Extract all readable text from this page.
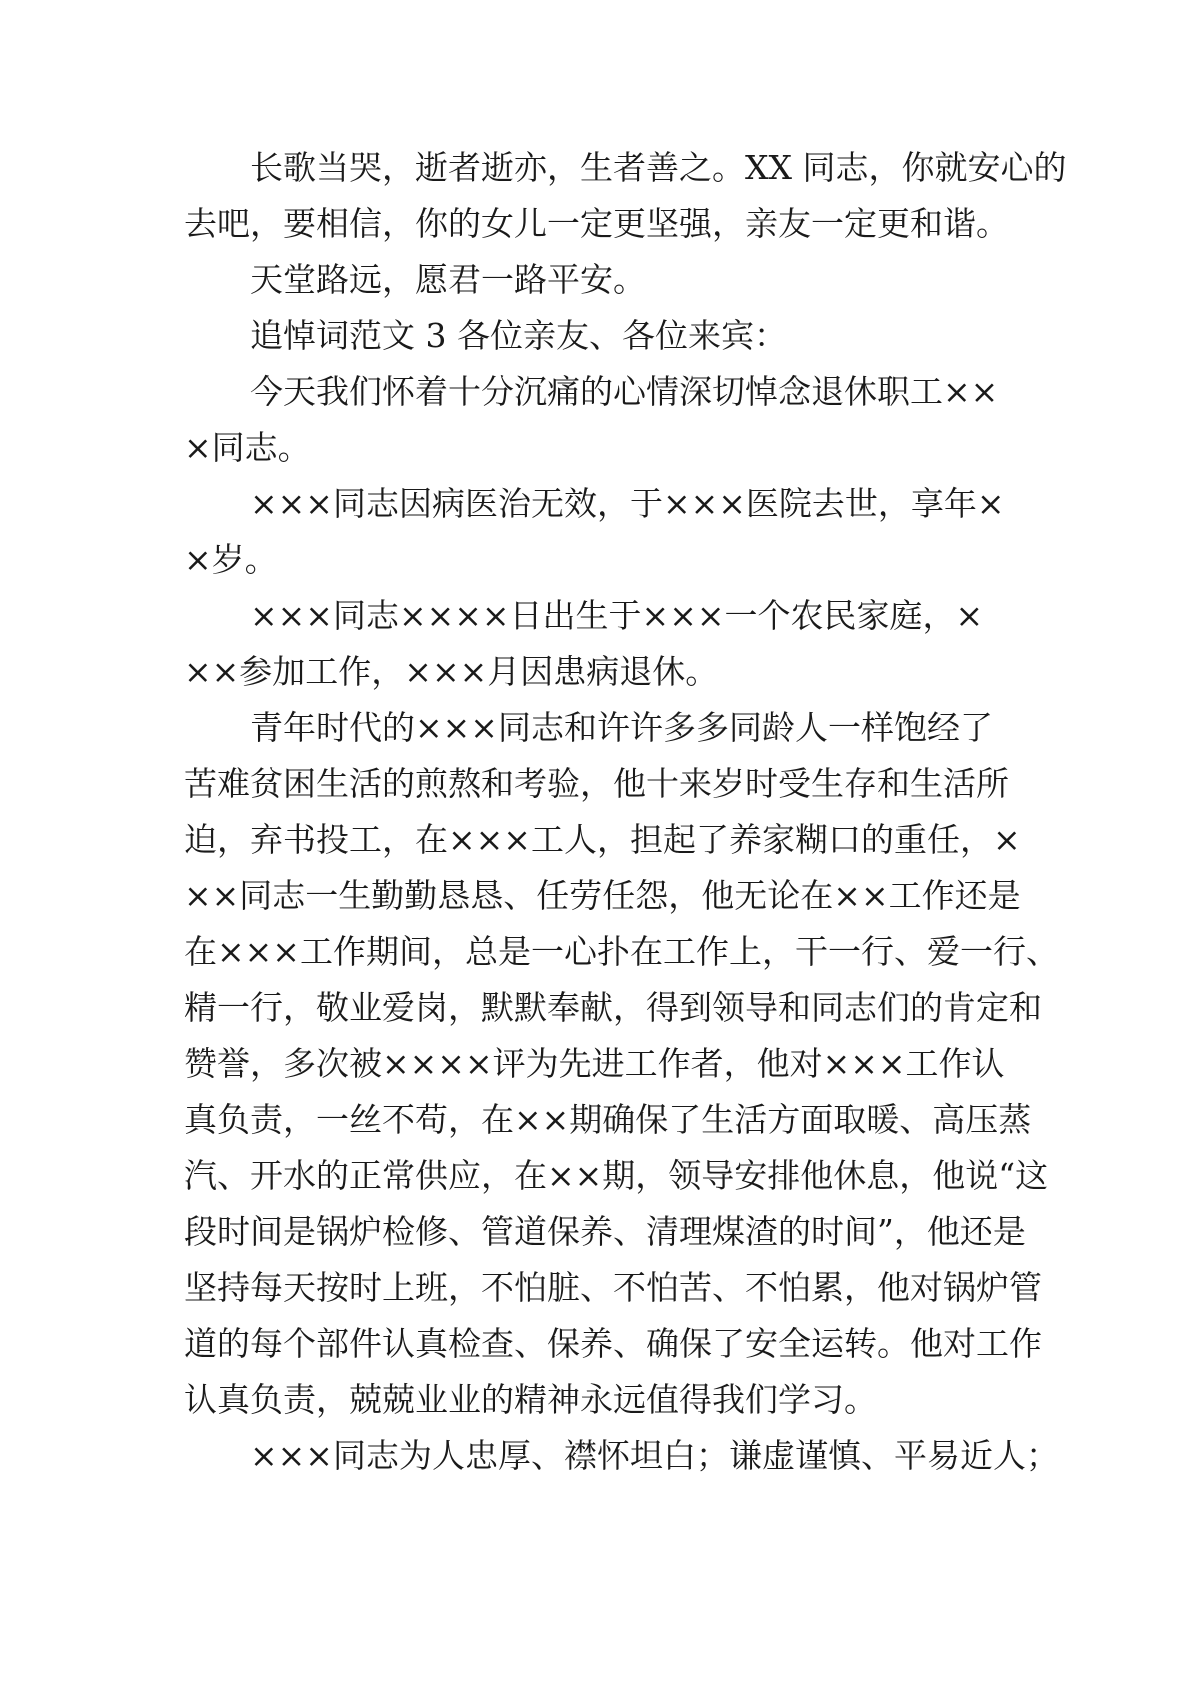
长歌当哭，逝者逝亦，生者善之。XX 同志，你就安心的
去吧，要相信，你的女儿一定更坚强，亲友一定更和谐。
天堂路远，愿君一路平安。
追悼词范文 3 各位亲友、各位来宾：
今天我们怀着十分沉痛的心情深切悼念退休职工××
×同志。
×××同志因病医治无效，于×××医院去世，享年×
×岁。
×××同志××××日出生于×××一个农民家庭，×
××参加工作，×××月因患病退休。
青年时代的×××同志和许许多多同龄人一样饱经了
苦难贫困生活的煎熬和考验，他十来岁时受生存和生活所
迫，弃书投工，在×××工人，担起了养家糊口的重任，×
××同志一生勤勤恳恳、任劳任怨，他无论在××工作还是
在×××工作期间，总是一心扑在工作上，干一行、爱一行、
精一行，敬业爱岗，默默奉献，得到领导和同志们的肯定和
赞誉，多次被××××评为先进工作者，他对×××工作认
真负责，一丝不苟，在××期确保了生活方面取暖、高压蒸
汽、开水的正常供应，在××期，领导安排他休息，他说“这
段时间是锅炉检修、管道保养、清理煤渣的时间”，他还是
坚持每天按时上班，不怕脏、不怕苦、不怕累，他对锅炉管
道的每个部件认真检查、保养、确保了安全运转。他对工作
认真负责，兢兢业业的精神永远值得我们学习。
×××同志为人忠厚、襟怀坦白；谦虚谨慎、平易近人；
